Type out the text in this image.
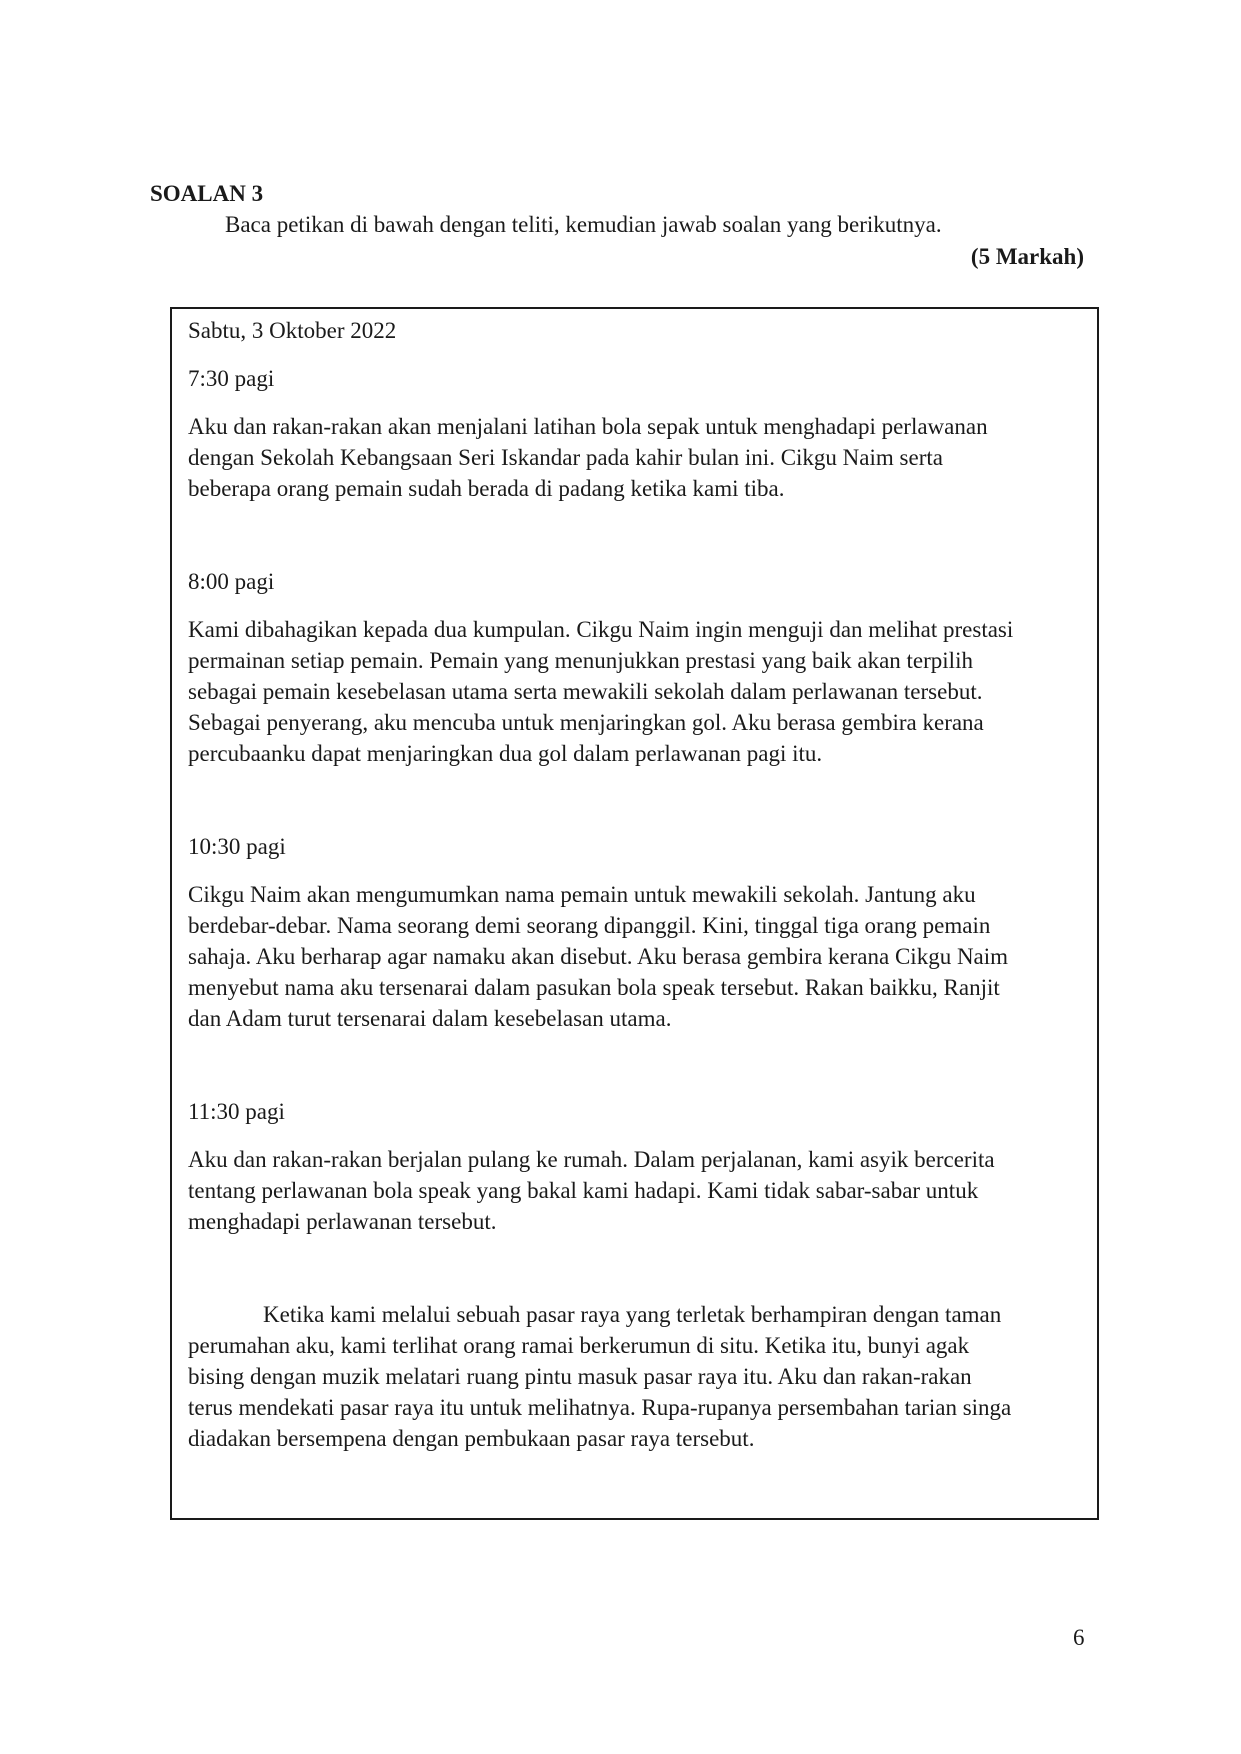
SOALAN 3
Baca petikan di bawah dengan teliti, kemudian jawab soalan yang berikutnya.
(5 Markah)
Sabtu, 3 Oktober 2022
7:30 pagi

Aku dan rakan-rakan akan menjalani latihan bola sepak untuk menghadapi perlawanan

dengan Sekolah Kebangsaan Seri Iskandar pada kahir bulan ini. Cikgu Naim serta

beberapa orang pemain sudah berada di padang ketika kami tiba.

8:00 pagi

Kami dibahagikan kepada dua kumpulan. Cikgu Naim ingin menguji dan melihat prestasi

permainan setiap pemain. Pemain yang menunjukkan prestasi yang baik akan terpilih

sebagai pemain kesebelasan utama serta mewakili sekolah dalam perlawanan tersebut.

Sebagai penyerang, aku mencuba untuk menjaringkan gol. Aku berasa gembira kerana

percubaanku dapat menjaringkan dua gol dalam perlawanan pagi itu.

10:30 pagi

Cikgu Naim akan mengumumkan nama pemain untuk mewakili sekolah. Jantung aku

berdebar-debar. Nama seorang demi seorang dipanggil. Kini, tinggal tiga orang pemain

sahaja. Aku berharap agar namaku akan disebut. Aku berasa gembira kerana Cikgu Naim

menyebut nama aku tersenarai dalam pasukan bola speak tersebut. Rakan baikku, Ranjit

dan Adam turut tersenarai dalam kesebelasan utama.

11:30 pagi

Aku dan rakan-rakan berjalan pulang ke rumah. Dalam perjalanan, kami asyik bercerita

tentang perlawanan bola speak yang bakal kami hadapi. Kami tidak sabar-sabar untuk

menghadapi perlawanan tersebut.

Ketika kami melalui sebuah pasar raya yang terletak berhampiran dengan taman

perumahan aku, kami terlihat orang ramai berkerumun di situ. Ketika itu, bunyi agak

bising dengan muzik melatari ruang pintu masuk pasar raya itu. Aku dan rakan-rakan

terus mendekati pasar raya itu untuk melihatnya. Rupa-rupanya persembahan tarian singa

diadakan bersempena dengan pembukaan pasar raya tersebut.

6
